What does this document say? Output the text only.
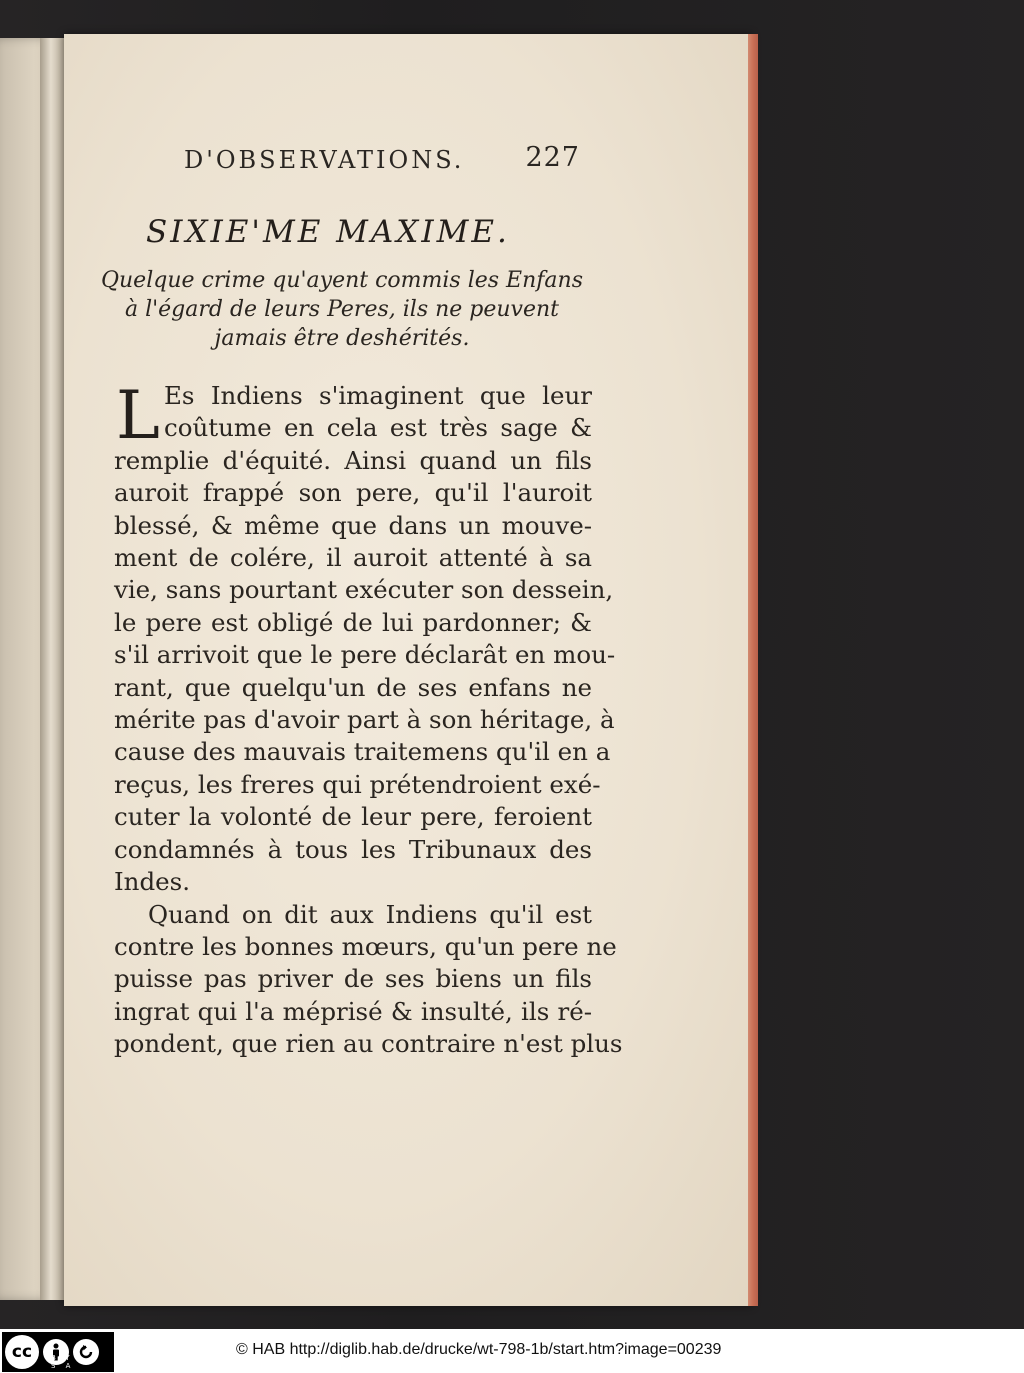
D'OBSERVATIONS. 227
SIXIE'ME MAXIME.
Quelque crime qu'ayent commis les Enfans
à l'égard de leurs Peres, ils ne peuvent
jamais être deshérités.
L Es Indiens s'imaginent que leur
coûtume en cela est très sage &
remplie d'équité. Ainsi quand un fils
auroit frappé son pere, qu'il l'auroit
blessé, & même que dans un mouve-
ment de colére, il auroit attenté à sa
vie, sans pourtant exécuter son dessein,
le pere est obligé de lui pardonner; &
s'il arrivoit que le pere déclarât en mou-
rant, que quelqu'un de ses enfans ne
mérite pas d'avoir part à son héritage, à
cause des mauvais traitemens qu'il en a
reçus, les freres qui prétendroient exé-
cuter la volonté de leur pere, feroient
condamnés à tous les Tribunaux des
Indes.
Quand on dit aux Indiens qu'il est
contre les bonnes mœurs, qu'un pere ne
puisse pas priver de ses biens un fils
ingrat qui l'a méprisé & insulté, ils ré-
pondent, que rien au contraire n'est plus
cc	BY SA
© HAB http://diglib.hab.de/drucke/wt-798-1b/start.htm?image=00239
